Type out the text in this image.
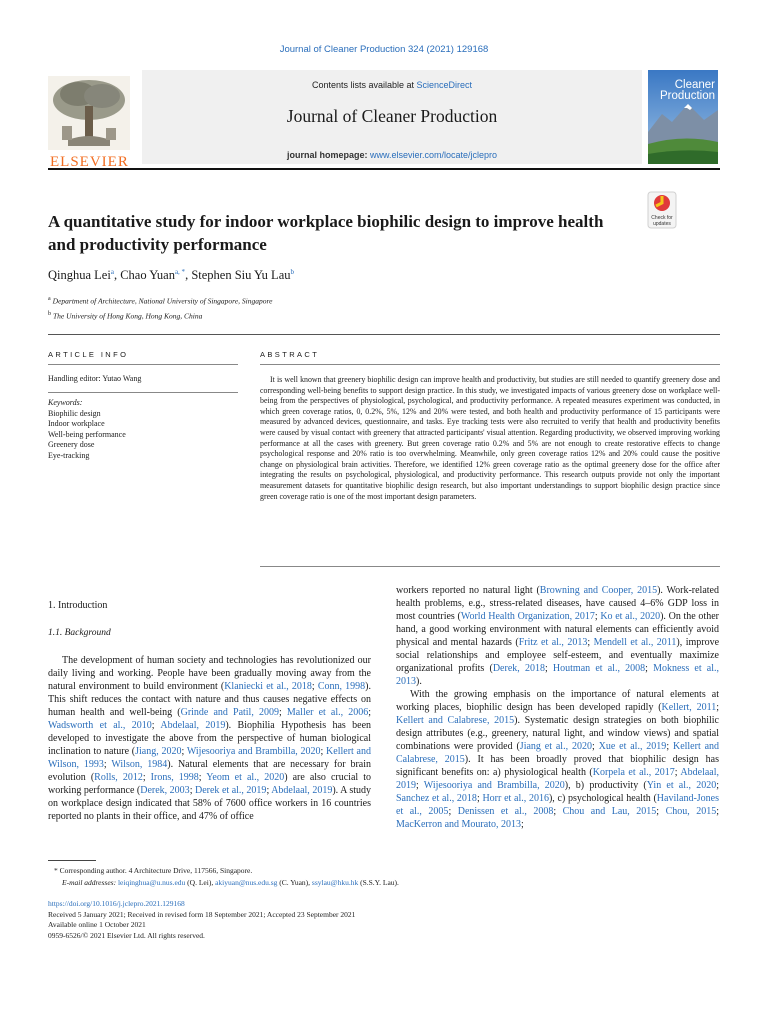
Journal of Cleaner Production 324 (2021) 129168
ELSEVIER
Contents lists available at ScienceDirect
Journal of Cleaner Production
journal homepage: www.elsevier.com/locate/jclepro
Cleaner
Production
A quantitative study for indoor workplace biophilic design to improve health and productivity performance
Check for
updates
Qinghua Lei$^a$, Chao Yuan$^{a, *}$, Stephen Siu Yu Lau$^b$
$^a$ Department of Architecture, National University of Singapore, Singapore
$^b$ The University of Hong Kong, Hong Kong, China
ARTICLE INFO
Handling editor: Yutao Wang
Keywords:
Biophilic design
Indoor workplace
Well-being performance
Greenery dose
Eye-tracking
ABSTRACT
It is well known that greenery biophilic design can improve health and productivity, but studies are still needed to quantify greenery dose and corresponding well-being benefits to support design practice. In this study, we investigated impacts of various greenery dose on workplace well-being from the perspectives of physiological, psychological, and productivity performance. A repeated measures experiment was conducted, in which green coverage ratios, 0, 0.2%, 5%, 12% and 20% were tested, and both health and productivity performance of 15 participants were measured by advanced devices, questionnaire, and tasks. Eye tracking tests were also recruited to verify that health and productivity benefits were caused by visual contact with greenery that attracted participants' visual attention. Regarding productivity, we observed improving working performance at all the cases with greenery. But green coverage ratio 0.2% and 5% are not enough to create restorative effects to change psychological response and 20% ratio is too overwhelming. Meanwhile, only green coverage ratios 12% and 20% could cause the positive change on physiological brain activities. Therefore, we identified 12% green coverage ratio as the optimal greenery dose for the office after integrating the results on psychological, physiological, and productivity performance. This research outputs provide not only the important measurement datasets for quantitative biophilic design research, but also important understandings to support biophilic design practice since green coverage ratio is one of the most important design parameters.
1. Introduction
1.1. Background
The development of human society and technologies has revolutionized our daily living and working. People have been gradually moving away from the natural environment to build environment (Klaniecki et al., 2018; Conn, 1998). This shift reduces the contact with nature and thus causes negative effects on human health and well-being (Grinde and Patil, 2009; Maller et al., 2006; Wadsworth et al., 2010; Abdelaal, 2019). Biophilia Hypothesis has been developed to investigate the above from the perspective of human biological inclination to nature (Jiang, 2020; Wijesooriya and Brambilla, 2020; Kellert and Wilson, 1993; Wilson, 1984). Natural elements that are necessary for brain evolution (Rolls, 2012; Irons, 1998; Yeom et al., 2020) are also crucial to working performance (Derek, 2003; Derek et al., 2019; Abdelaal, 2019). A study on workplace design indicated that 58% of 7600 office workers in 16 countries reported no plants in their office, and 47% of office

workers reported no natural light (Browning and Cooper, 2015). Work-related health problems, e.g., stress-related diseases, have caused 4–6% GDP loss in most countries (World Health Organization, 2017; Ko et al., 2020). On the other hand, a good working environment with natural elements can efficiently avoid physical and mental hazards (Fritz et al., 2013; Mendell et al., 2011), improve social relationships and employee self-esteem, and eventually maximize organizational profits (Derek, 2018; Houtman et al., 2008; Mokness et al., 2013).

With the growing emphasis on the importance of natural elements at working places, biophilic design has been developed rapidly (Kellert, 2011; Kellert and Calabrese, 2015). Systematic design strategies on both biophilic design attributes (e.g., greenery, natural light, and window views) and spatial combinations were provided (Jiang et al., 2020; Xue et al., 2019; Kellert and Calabrese, 2015). It has been broadly proved that biophilic design has significant benefits on: a) physiological health (Korpela et al., 2017; Abdelaal, 2019; Wijesooriya and Brambilla, 2020), b) productivity (Yin et al., 2020; Sanchez et al., 2018; Horr et al., 2016), c) psychological health (Haviland-Jones et al., 2005; Denissen et al., 2008; Chou and Lau, 2015; Chou, 2015; MacKerron and Mourato, 2013;

* Corresponding author. 4 Architecture Drive, 117566, Singapore.
E-mail addresses: leiqinghua@u.nus.edu (Q. Lei), akiyuan@nus.edu.sg (C. Yuan), ssylau@hku.hk (S.S.Y. Lau).
https://doi.org/10.1016/j.jclepro.2021.129168
Received 5 January 2021; Received in revised form 18 September 2021; Accepted 23 September 2021
Available online 1 October 2021
0959-6526/© 2021 Elsevier Ltd. All rights reserved.
